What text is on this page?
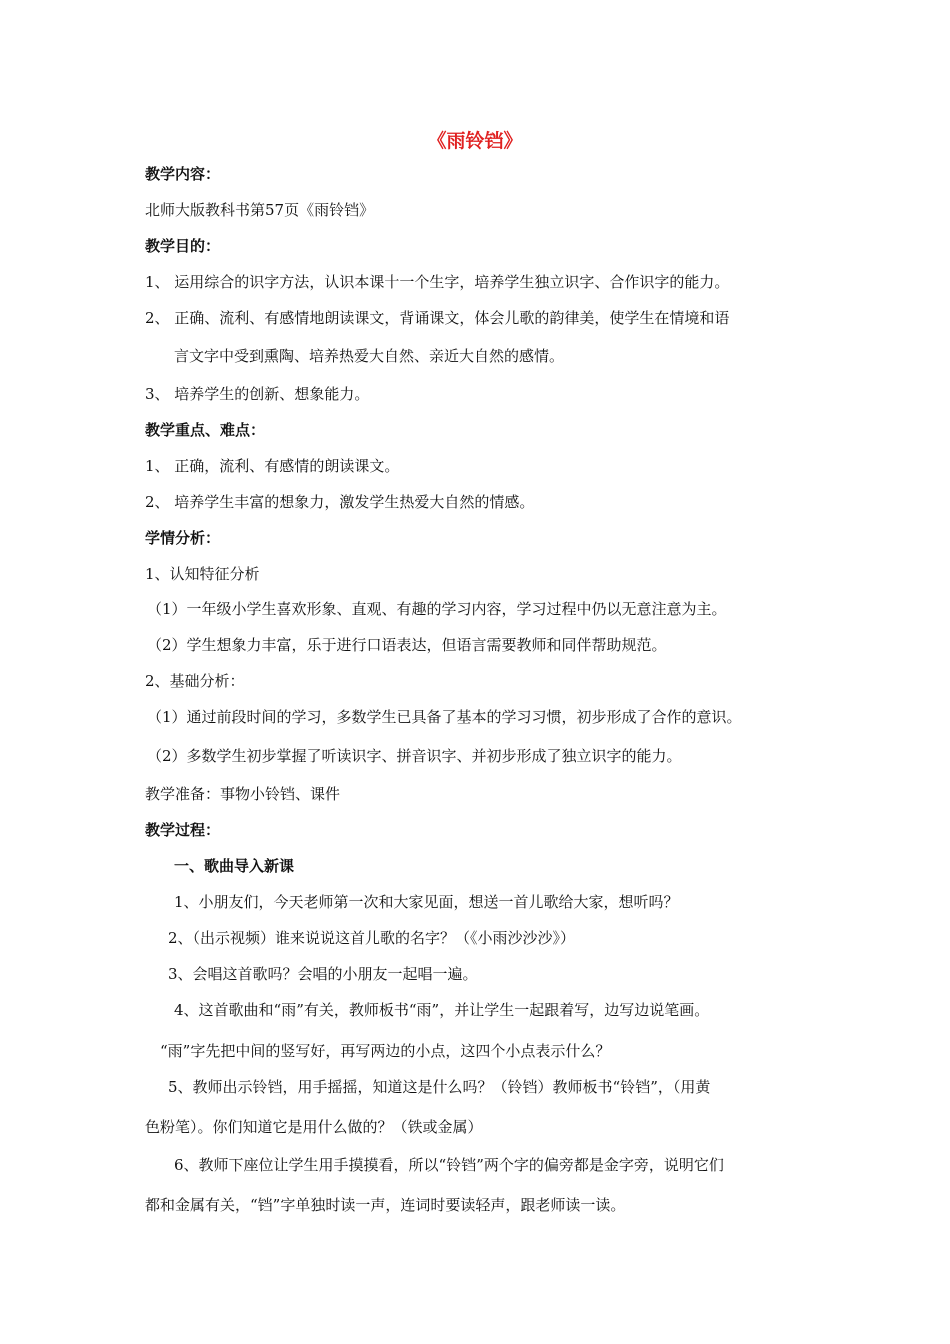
《雨铃铛》
教学内容：
北师大版教科书第57页《雨铃铛》
教学目的：
1、 运用综合的识字方法，认识本课十一个生字，培养学生独立识字、合作识字的能力。
2、 正确、流利、有感情地朗读课文，背诵课文，体会儿歌的韵律美，使学生在情境和语
言文字中受到熏陶、培养热爱大自然、亲近大自然的感情。
3、 培养学生的创新、想象能力。
教学重点、难点：
1、 正确，流利、有感情的朗读课文。
2、 培养学生丰富的想象力，激发学生热爱大自然的情感。
学情分析：
1、认知特征分析
（1）一年级小学生喜欢形象、直观、有趣的学习内容，学习过程中仍以无意注意为主。
（2）学生想象力丰富，乐于进行口语表达，但语言需要教师和同伴帮助规范。
2、基础分析：
（1）通过前段时间的学习，多数学生已具备了基本的学习习惯，初步形成了合作的意识。
（2）多数学生初步掌握了听读识字、拼音识字、并初步形成了独立识字的能力。
教学准备：事物小铃铛、课件
教学过程：
一、歌曲导入新课
1、小朋友们，今天老师第一次和大家见面，想送一首儿歌给大家，想听吗？
2、（出示视频）谁来说说这首儿歌的名字？（《小雨沙沙沙》）
3、会唱这首歌吗？会唱的小朋友一起唱一遍。
4、这首歌曲和“雨”有关，教师板书“雨”，并让学生一起跟着写，边写边说笔画。
“雨”字先把中间的竖写好，再写两边的小点，这四个小点表示什么？
5、教师出示铃铛，用手摇摇，知道这是什么吗？（铃铛）教师板书“铃铛”，（用黄
色粉笔）。你们知道它是用什么做的？（铁或金属）
6、教师下座位让学生用手摸摸看，所以“铃铛”两个字的偏旁都是金字旁，说明它们
都和金属有关，“铛”字单独时读一声，连词时要读轻声，跟老师读一读。
